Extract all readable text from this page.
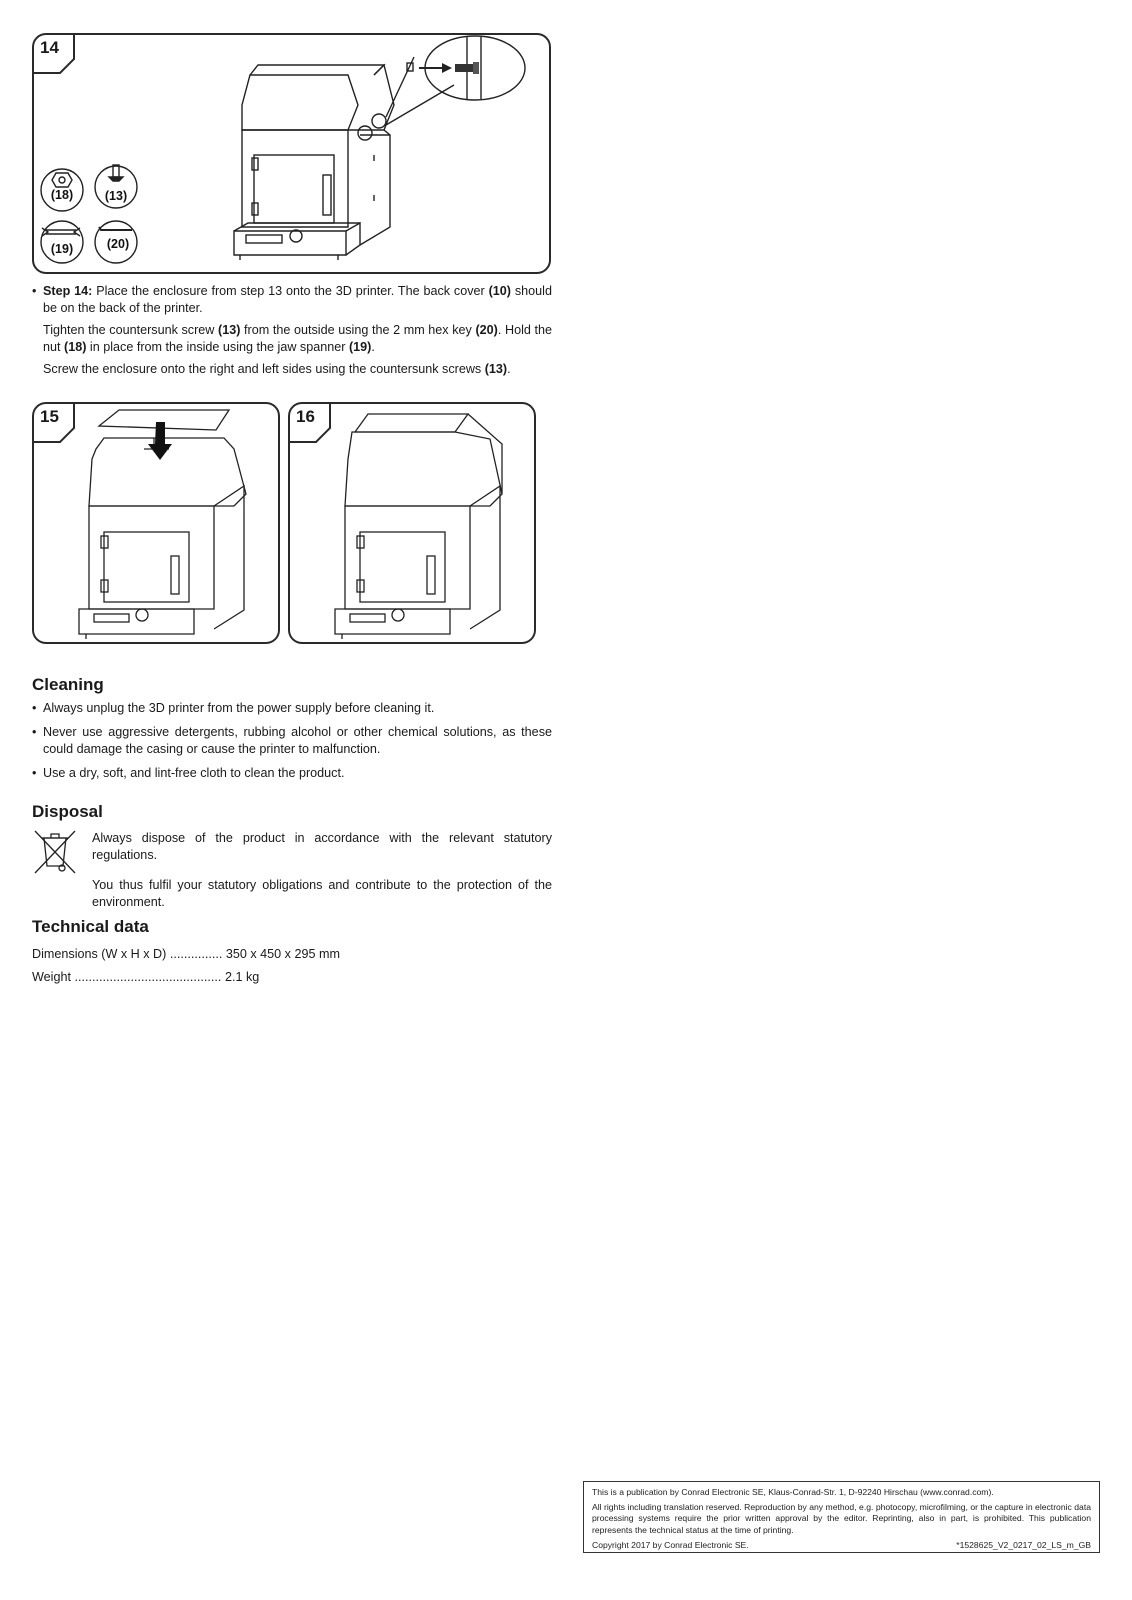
(18)	(13)
(19)	(20)
14

• Step 14: Place the enclosure from step 13 onto the 3D printer. The back cover (10) should be on the back of the printer.

Tighten the countersunk screw (13) from the outside using the 2 mm hex key (20). Hold the nut (18) in place from the inside using the jaw spanner (19).

Screw the enclosure onto the right and left sides using the countersunk screws (13).

15	16
Cleaning

• Always unplug the 3D printer from the power supply before cleaning it.

• Never use aggressive detergents, rubbing alcohol or other chemical solutions, as these could damage the casing or cause the printer to malfunction.

• Use a dry, soft, and lint-free cloth to clean the product.

Disposal

Always dispose of the product in accordance with the relevant statutory regulations.

You thus fulfil your statutory obligations and contribute to the protection of the environment.

Technical data
Dimensions (W x H x D) ............... 350 x 450 x 295 mm
Weight .......................................... 2.1 kg

This is a publication by Conrad Electronic SE, Klaus-Conrad-Str. 1, D-92240 Hirschau (www.conrad.com).

All rights including translation reserved. Reproduction by any method, e.g. photocopy, microfilming, or the capture in electronic data processing systems require the prior written approval by the editor. Reprinting, also in part, is prohibited. This publication represents the technical status at the time of printing.

Copyright 2017 by Conrad Electronic SE.	*1528625_V2_0217_02_LS_m_GB
